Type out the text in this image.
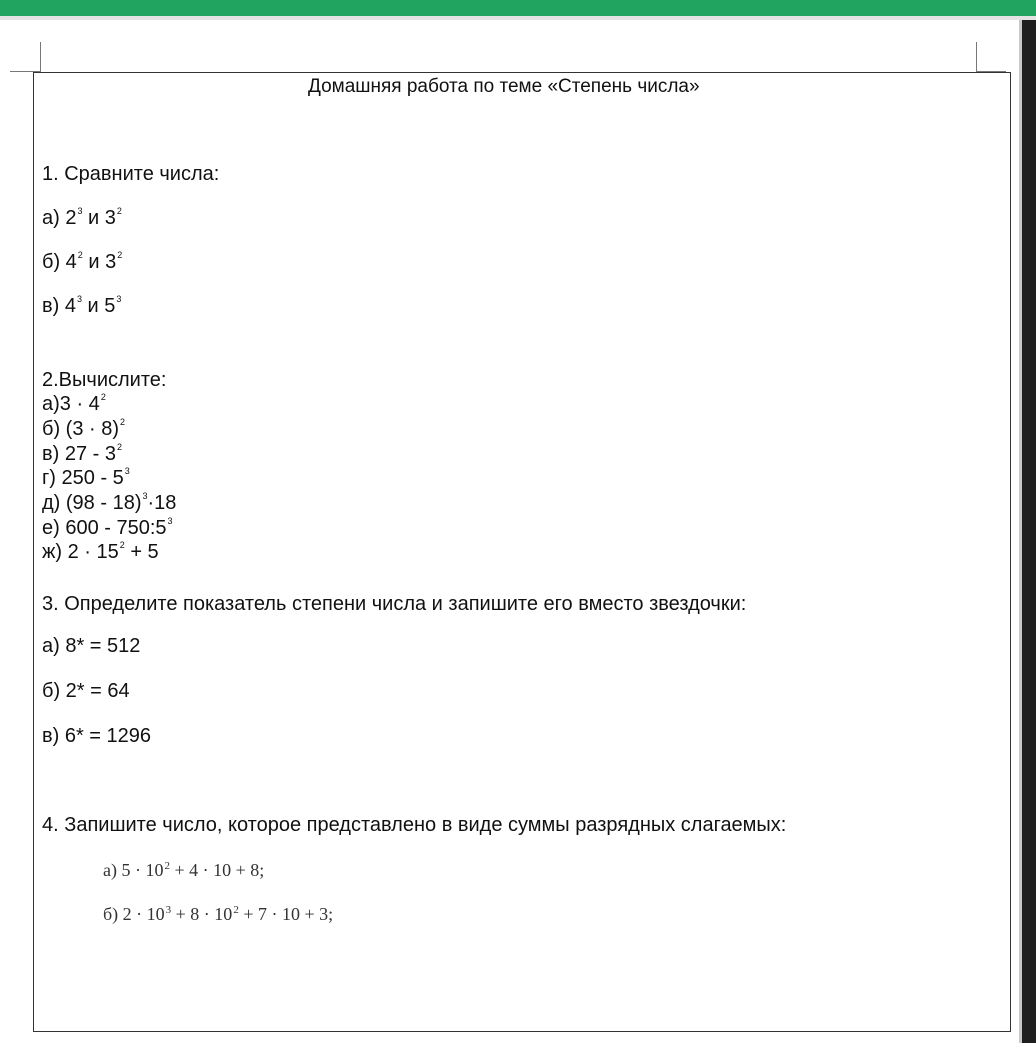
Домашняя работа по теме «Степень числа»
1. Сравните числа:
а) $2^3$ и $3^2$
б) $4^2$ и $3^2$
в) $4^3$ и $5^3$
2.Вычислите:
$а)3 \cdot 4^2$
б) $(3 \cdot 8)^2$
в) $27 - 3^2$
г) $250 - 5^3$
д) (98 - 18)$^3$·18
е) $600 - 750:5^3$
ж) $2 \cdot 15^2 + 5$
3. Определите показатель степени числа и запишите его вместо звездочки:
а) 8* = 512
б) 2* = 64
в) 6* = 1296
4. Запишите число, которое представлено в виде суммы разрядных слагаемых:
а) $5 \cdot 10^2 + 4 \cdot 10 + 8$;
б) $2 \cdot 10^3 + 8 \cdot 10^2 + 7 \cdot 10 + 3$;
